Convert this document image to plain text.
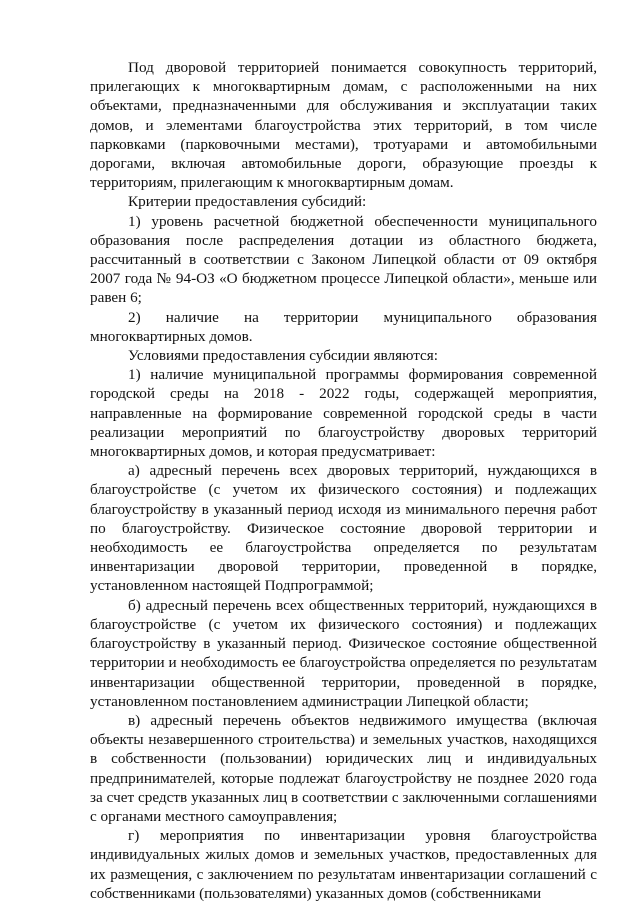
Под дворовой территорией понимается совокупность территорий, прилегающих к многоквартирным домам, с расположенными на них объектами, предназначенными для обслуживания и эксплуатации таких домов, и элементами благоустройства этих территорий, в том числе парковками (парковочными местами), тротуарами и автомобильными дорогами, включая автомобильные дороги, образующие проезды к территориям, прилегающим к многоквартирным домам.

Критерии предоставления субсидий:

1) уровень расчетной бюджетной обеспеченности муниципального образования после распределения дотации из областного бюджета, рассчитанный в соответствии с Законом Липецкой области от 09 октября 2007 года № 94-ОЗ «О бюджетном процессе Липецкой области», меньше или равен 6;

2) наличие на территории муниципального образования многоквартирных домов.

Условиями предоставления субсидии являются:

1) наличие муниципальной программы формирования современной городской среды на 2018 - 2022 годы, содержащей мероприятия, направленные на формирование современной городской среды в части реализации мероприятий по благоустройству дворовых территорий многоквартирных домов, и которая предусматривает:

а) адресный перечень всех дворовых территорий, нуждающихся в благоустройстве (с учетом их физического состояния) и подлежащих благоустройству в указанный период исходя из минимального перечня работ по благоустройству. Физическое состояние дворовой территории и необходимость ее благоустройства определяется по результатам инвентаризации дворовой территории, проведенной в порядке, установленном настоящей Подпрограммой;

б) адресный перечень всех общественных территорий, нуждающихся в благоустройстве (с учетом их физического состояния) и подлежащих благоустройству в указанный период. Физическое состояние общественной территории и необходимость ее благоустройства определяется по результатам инвентаризации общественной территории, проведенной в порядке, установленном постановлением администрации Липецкой области;

в) адресный перечень объектов недвижимого имущества (включая объекты незавершенного строительства) и земельных участков, находящихся в собственности (пользовании) юридических лиц и индивидуальных предпринимателей, которые подлежат благоустройству не позднее 2020 года за счет средств указанных лиц в соответствии с заключенными соглашениями с органами местного самоуправления;

г) мероприятия по инвентаризации уровня благоустройства индивидуальных жилых домов и земельных участков, предоставленных для их размещения, с заключением по результатам инвентаризации соглашений с собственниками (пользователями) указанных домов (собственниками
